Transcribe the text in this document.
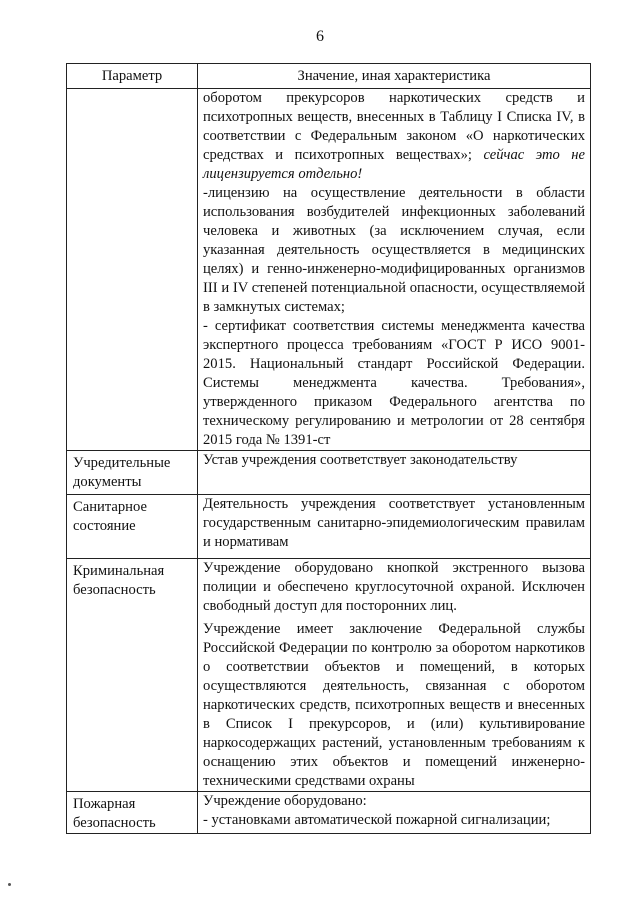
6
Параметр	Значение, иная характеристика

	оборотом прекурсоров наркотических средств и психотропных веществ, внесенных в Таблицу I Списка IV, в соответствии с Федеральным законом «О наркотических средствах и психотропных веществах»; сейчас это не лицензируется отдельно!

-лицензию на осуществление деятельности в области использования возбудителей инфекционных заболеваний человека и животных (за исключением случая, если указанная деятельность осуществляется в медицинских целях) и генно-инженерно-модифицированных организмов III и IV степеней потенциальной опасности, осуществляемой в замкнутых системах;

- сертификат соответствия системы менеджмента качества экспертного процесса требованиям «ГОСТ Р ИСО 9001-2015. Национальный стандарт Российской Федерации. Системы менеджмента качества. Требования», утвержденного приказом Федерального агентства по техническому регулированию и метрологии от 28 сентября 2015 года № 1391-ст

Учредительные документы	Устав учреждения соответствует законодательству

Санитарное состояние	Деятельность учреждения соответствует установленным государственным санитарно-эпидемиологическим правилам и нормативам

Криминальная безопасность	Учреждение оборудовано кнопкой экстренного вызова полиции и обеспечено круглосуточной охраной. Исключен свободный доступ для посторонних лиц.

Учреждение имеет заключение Федеральной службы Российской Федерации по контролю за оборотом наркотиков о соответствии объектов и помещений, в которых осуществляются деятельность, связанная с оборотом наркотических средств, психотропных веществ и внесенных в Список I прекурсоров, и (или) культивирование наркосодержащих растений, установленным требованиям к оснащению этих объектов и помещений инженерно-техническими средствами охраны

Пожарная безопасность	Учреждение оборудовано:

- установками автоматической пожарной сигнализации;
